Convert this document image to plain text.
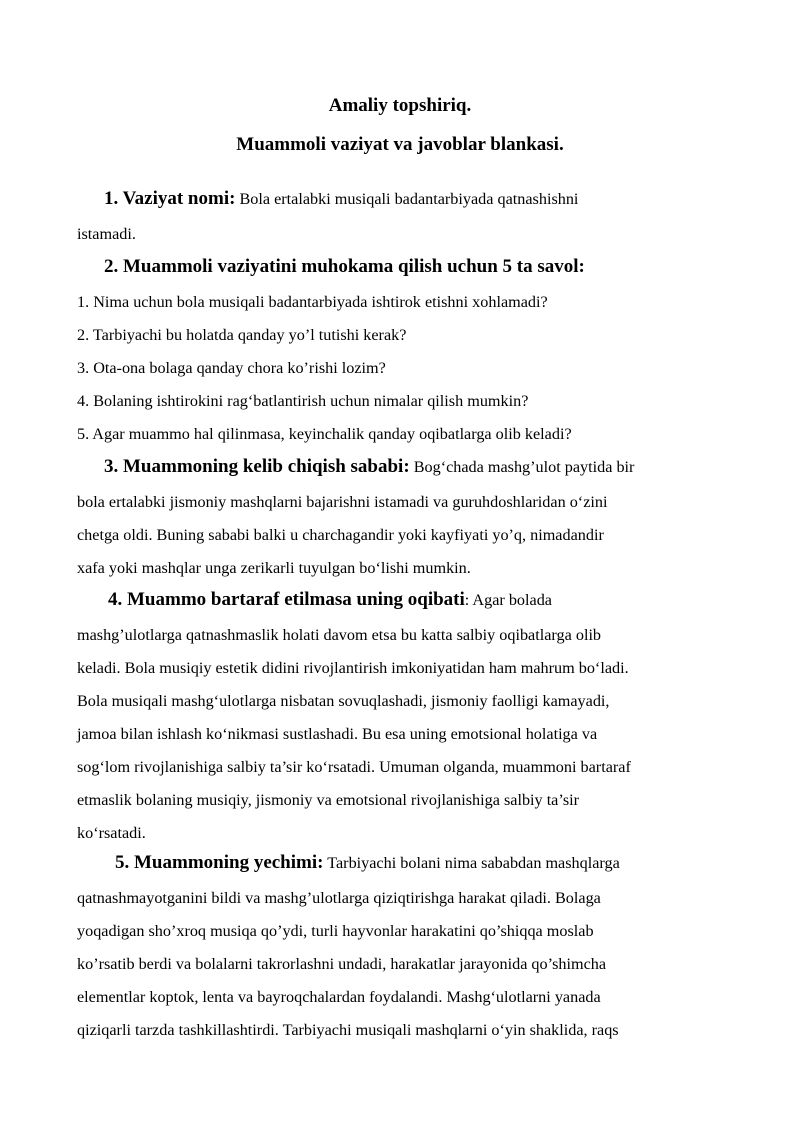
Amaliy topshiriq.

Muammoli vaziyat va javoblar blankasi.

1. Vaziyat nomi: Bola ertalabki musiqali badantarbiyada qatnashishni

istamadi.

2. Muammoli vaziyatini muhokama qilish uchun 5 ta savol:

1. Nima uchun bola musiqali badantarbiyada ishtirok etishni xohlamadi?

2. Tarbiyachi bu holatda qanday yo’l tutishi kerak?

3. Ota-ona bolaga qanday chora ko’rishi lozim?

4. Bolaning ishtirokini rag‘batlantirish uchun nimalar qilish mumkin?

5. Agar muammo hal qilinmasa, keyinchalik qanday oqibatlarga olib keladi?

3. Muammoning kelib chiqish sababi: Bog‘chada mashg’ulot paytida bir

bola ertalabki jismoniy mashqlarni bajarishni istamadi va guruhdoshlaridan o‘zini

chetga oldi. Buning sababi balki u charchagandir yoki kayfiyati yo’q, nimadandir

xafa yoki mashqlar unga zerikarli tuyulgan bo‘lishi mumkin.

4. Muammo bartaraf etilmasa uning oqibati: Agar bolada

mashg’ulotlarga qatnashmaslik holati davom etsa bu katta salbiy oqibatlarga olib

keladi. Bola musiqiy estetik didini rivojlantirish imkoniyatidan ham mahrum bo‘ladi.

Bola musiqali mashg‘ulotlarga nisbatan sovuqlashadi, jismoniy faolligi kamayadi,

jamoa bilan ishlash ko‘nikmasi sustlashadi. Bu esa uning emotsional holatiga va

sog‘lom rivojlanishiga salbiy ta’sir ko‘rsatadi. Umuman olganda, muammoni bartaraf

etmaslik bolaning musiqiy, jismoniy va emotsional rivojlanishiga salbiy ta’sir

ko‘rsatadi.

5. Muammoning yechimi: Tarbiyachi bolani nima sababdan mashqlarga

qatnashmayotganini bildi va mashg’ulotlarga qiziqtirishga harakat qiladi. Bolaga

yoqadigan sho’xroq musiqa qo’ydi, turli hayvonlar harakatini qo’shiqqa moslab

ko’rsatib berdi va bolalarni takrorlashni undadi, harakatlar jarayonida qo’shimcha

elementlar koptok, lenta va bayroqchalardan foydalandi. Mashg‘ulotlarni yanada

qiziqarli tarzda tashkillashtirdi. Tarbiyachi musiqali mashqlarni o‘yin shaklida, raqs
